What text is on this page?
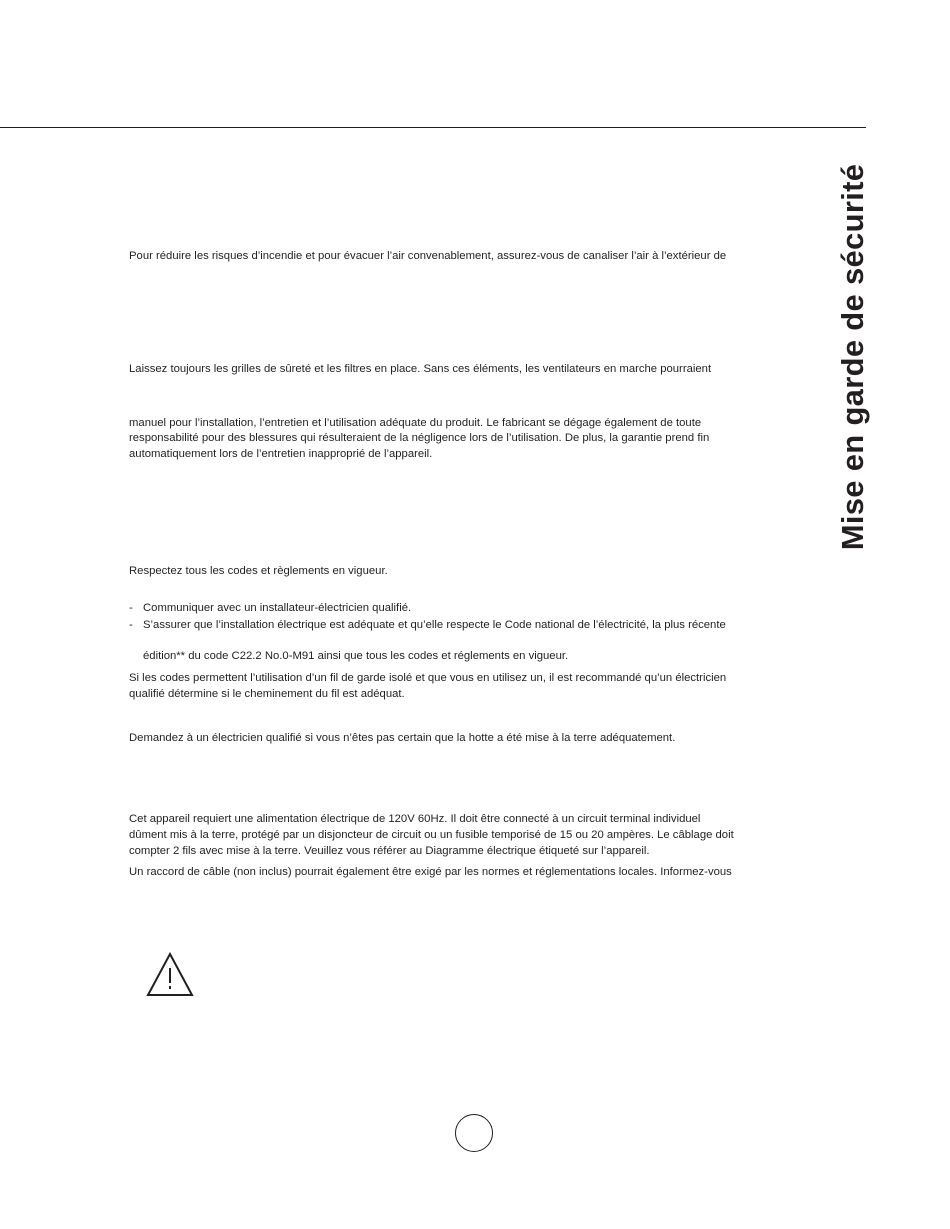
Mise en garde de sécurité
Pour réduire les risques d’incendie et pour évacuer l’air convenablement, assurez-vous de canaliser l’air à l’extérieur de
Laissez toujours les grilles de sûreté et les filtres en place. Sans ces éléments, les ventilateurs en marche pourraient
manuel pour l’installation, l’entretien et l’utilisation adéquate du produit. Le fabricant se dégage également de toute
responsabilité pour des blessures qui résulteraient de la négligence lors de l’utilisation. De plus, la garantie prend fin
automatiquement lors de l’entretien inapproprié de l’appareil.
Respectez tous les codes et règlements en vigueur.
- Communiquer avec un installateur-électricien qualifié.
- S’assurer que l’installation électrique est adéquate et qu’elle respecte le Code national de l’électricité, la plus récente
édition** du code C22.2 No.0-M91 ainsi que tous les codes et réglements en vigueur.
Si les codes permettent l’utilisation d’un fil de garde isolé et que vous en utilisez un, il est recommandé qu’un électricien
qualifié détermine si le cheminement du fil est adéquat.
Demandez à un électricien qualifié si vous n’êtes pas certain que la hotte a été mise à la terre adéquatement.
Cet appareil requiert une alimentation électrique de 120V 60Hz. Il doit être connecté à un circuit terminal individuel
dûment mis à la terre, protégé par un disjoncteur de circuit ou un fusible temporisé de 15 ou 20 ampères. Le câblage doit
compter 2 fils avec mise à la terre. Veuillez vous référer au Diagramme électrique étiqueté sur l’appareil.
Un raccord de câble (non inclus) pourrait également être exigé par les normes et réglementations locales. Informez-vous
